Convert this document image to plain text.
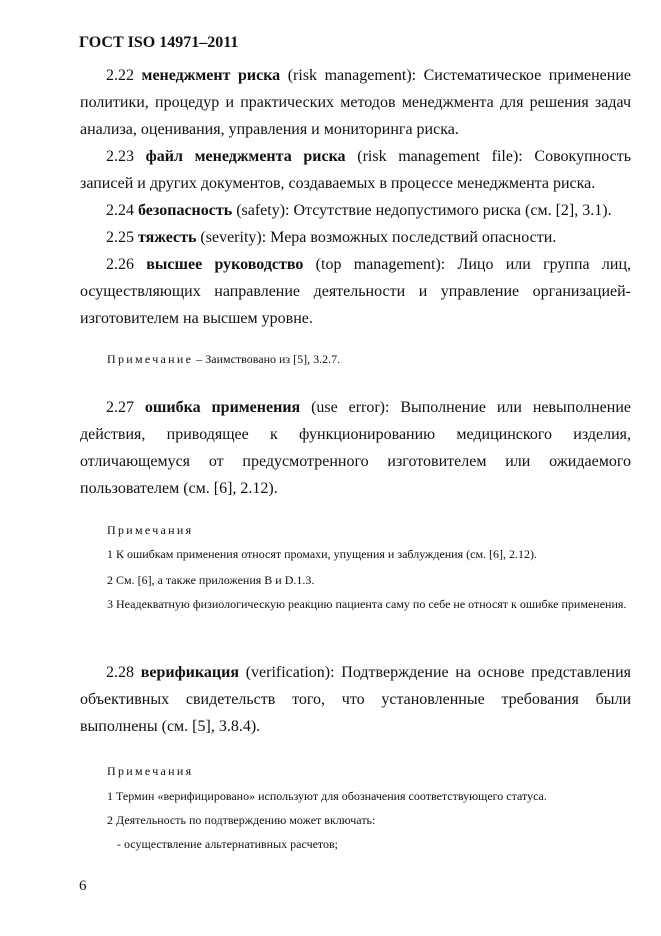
ГОСТ ISO 14971–2011

2.22 менеджмент риска (risk management): Систематическое применение политики, процедур и практических методов менеджмента для решения задач анализа, оценивания, управления и мониторинга риска.

2.23 файл менеджмента риска (risk management file): Совокупность записей и других документов, создаваемых в процессе менеджмента риска.

2.24 безопасность (safety): Отсутствие недопустимого риска (см. [2], 3.1).

2.25 тяжесть (severity): Мера возможных последствий опасности.

2.26 высшее руководство (top management): Лицо или группа лиц, осуществляющих направление деятельности и управление организацией-изготовителем на высшем уровне.

Примечание – Заимствовано из [5], 3.2.7.

2.27 ошибка применения (use error): Выполнение или невыполнение действия, приводящее к функционированию медицинского изделия, отличающемуся от предусмотренного изготовителем или ожидаемого пользователем (см. [6], 2.12).

Примечания

1 К ошибкам применения относят промахи, упущения и заблуждения (см. [6], 2.12).

2 См. [6], а также приложения B и D.1.3.

3 Неадекватную физиологическую реакцию пациента саму по себе не относят к ошибке применения.

2.28 верификация (verification): Подтверждение на основе представления объективных свидетельств того, что установленные требования были выполнены (см. [5], 3.8.4).

Примечания

1 Термин «верифицировано» используют для обозначения соответствующего статуса.

2 Деятельность по подтверждению может включать:

- осуществление альтернативных расчетов;

6
